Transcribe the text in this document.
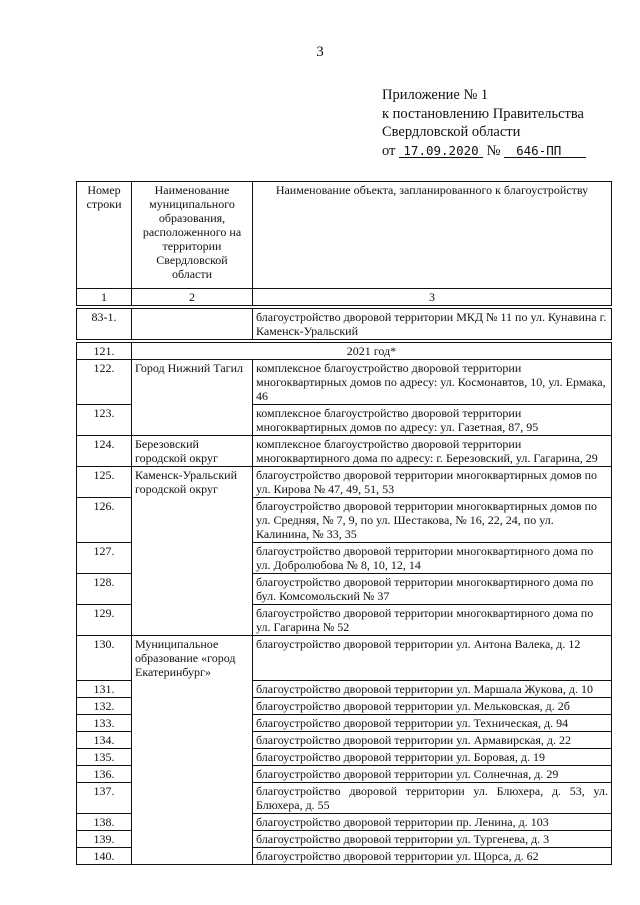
3
Приложение № 1
к постановлению Правительства
Свердловской области
от 17.09.2020 № 646-ПП
Номер строки	Наименование муниципального образования, расположенного на территории Свердловской области	Наименование объекта, запланированного к благоустройству
1	2	3

83-1.		благоустройство дворовой территории МКД № 11 по ул. Кунавина г. Каменск-Уральский

121.	2021 год*	
122.	Город Нижний Тагил	комплексное благоустройство дворовой территории многоквартирных домов по адресу: ул. Космонавтов, 10, ул. Ермака, 46
123.		комплексное благоустройство дворовой территории многоквартирных домов по адресу: ул. Газетная, 87, 95
124.	Березовский городской округ	комплексное благоустройство дворовой территории многоквартирного дома по адресу: г. Березовский, ул. Гагарина, 29
125.	Каменск-Уральский городской округ	благоустройство дворовой территории многоквартирных домов по ул. Кирова № 47, 49, 51, 53
126.		благоустройство дворовой территории многоквартирных домов по ул. Средняя, № 7, 9, по ул. Шестакова, № 16, 22, 24, по ул. Калинина, № 33, 35
127.		благоустройство дворовой территории многоквартирного дома по ул. Добролюбова № 8, 10, 12, 14
128.		благоустройство дворовой территории многоквартирного дома по бул. Комсомольский № 37
129.		благоустройство дворовой территории многоквартирного дома по ул. Гагарина № 52
130.	Муниципальное образование «город Екатеринбург»	благоустройство дворовой территории ул. Антона Валека, д. 12
131.		благоустройство дворовой территории ул. Маршала Жукова, д. 10
132.		благоустройство дворовой территории ул. Мельковская, д. 2б
133.		благоустройство дворовой территории ул. Техническая, д. 94
134.		благоустройство дворовой территории ул. Армавирская, д. 22
135.		благоустройство дворовой территории ул. Боровая, д. 19
136.		благоустройство дворовой территории ул. Солнечная, д. 29
137.		благоустройство дворовой территории ул. Блюхера, д. 53, ул. Блюхера, д. 55
138.		благоустройство дворовой территории пр. Ленина, д. 103
139.		благоустройство дворовой территории ул. Тургенева, д. 3
140.		благоустройство дворовой территории ул. Щорса, д. 62
